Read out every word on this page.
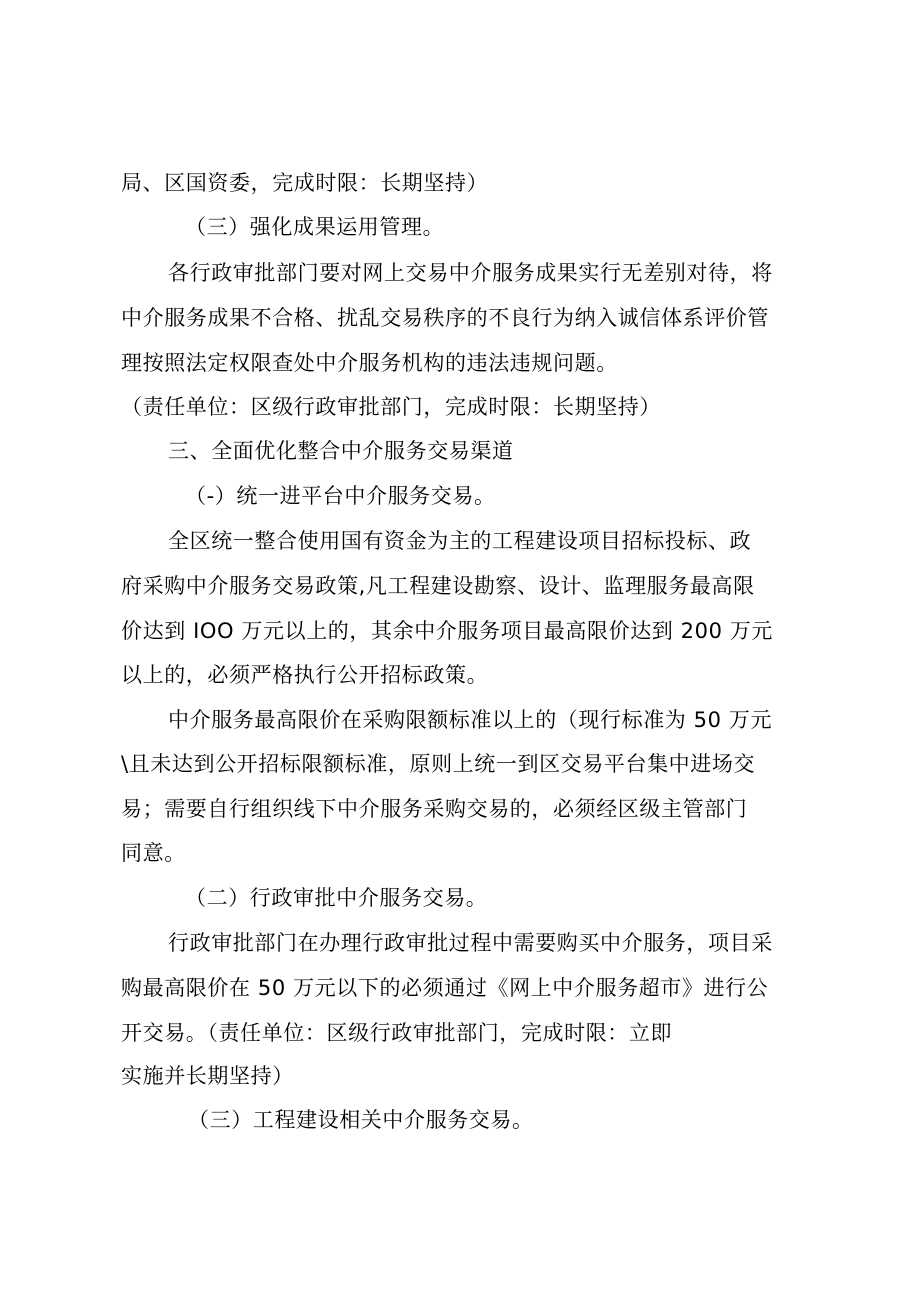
局、区国资委，完成时限：长期坚持）
（三）强化成果运用管理。
各行政审批部门要对网上交易中介服务成果实行无差别对待，将
中介服务成果不合格、扰乱交易秩序的不良行为纳入诚信体系评价管
理按照法定权限查处中介服务机构的违法违规问题。
（责任单位：区级行政审批部门，完成时限：长期坚持）
三、全面优化整合中介服务交易渠道
（-）统一进平台中介服务交易。
全区统一整合使用国有资金为主的工程建设项目招标投标、政
府采购中介服务交易政策,凡工程建设勘察、设计、监理服务最高限
价达到 IOO 万元以上的，其余中介服务项目最高限价达到 200 万元
以上的，必须严格执行公开招标政策。
中介服务最高限价在采购限额标准以上的（现行标准为 50 万元
\且未达到公开招标限额标准，原则上统一到区交易平台集中进场交
易；需要自行组织线下中介服务采购交易的，必须经区级主管部门
同意。
（二）行政审批中介服务交易。
行政审批部门在办理行政审批过程中需要购买中介服务，项目采
购最高限价在 50 万元以下的必须通过《网上中介服务超市》进行公
开交易。（责任单位：区级行政审批部门，完成时限：立即
实施并长期坚持）
（三）工程建设相关中介服务交易。
